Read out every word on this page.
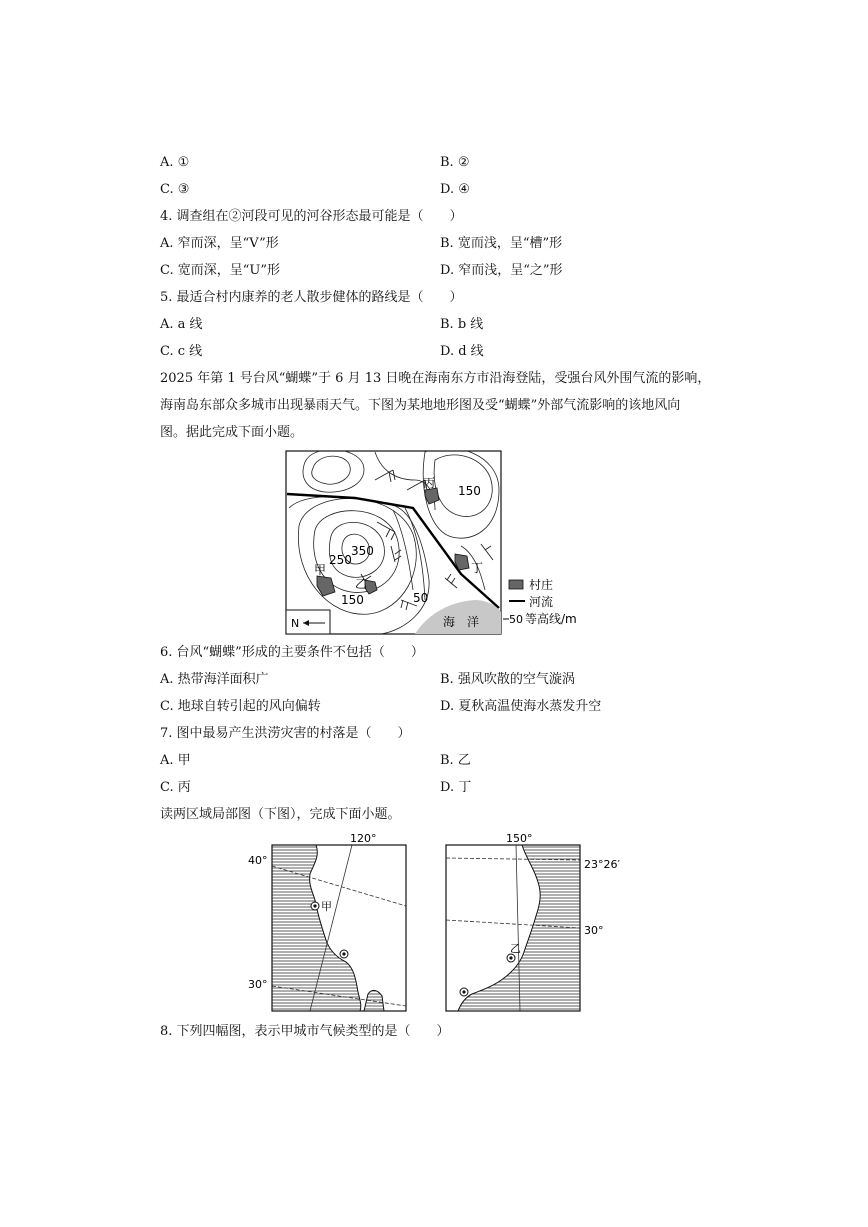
A. ①	B. ②
C. ③	D. ④
4. 调查组在②河段可见的河谷形态最可能是（　　）
A. 窄而深，呈“V”形	B. 宽而浅，呈“槽”形
C. 宽而深，呈“U”形	D. 窄而浅，呈“之”形
5. 最适合村内康养的老人散步健体的路线是（　　）
A. a 线	B. b 线
C. c 线	D. d 线
2025 年第 1 号台风“蝴蝶”于 6 月 13 日晚在海南东方市沿海登陆，受强台风外围气流的影响，
海南岛东部众多城市出现暴雨天气。下图为某地地形图及受“蝴蝶”外部气流影响的该地风向
图。据此完成下面小题。
150
350
250
150	50
甲
乙
丙
丁
海　洋
N
村庄
河流
50 等高线/m
6. 台风“蝴蝶”形成的主要条件不包括（　　）
A. 热带海洋面积广	B. 强风吹散的空气漩涡
C. 地球自转引起的风向偏转	D. 夏秋高温使海水蒸发升空
7. 图中最易产生洪涝灾害的村落是（　　）
A. 甲	B. 乙
C. 丙	D. 丁
读两区域局部图（下图），完成下面小题。
120°
40°
30°
甲
150°
23°26′
30°
乙
8. 下列四幅图，表示甲城市气候类型的是（　　）
